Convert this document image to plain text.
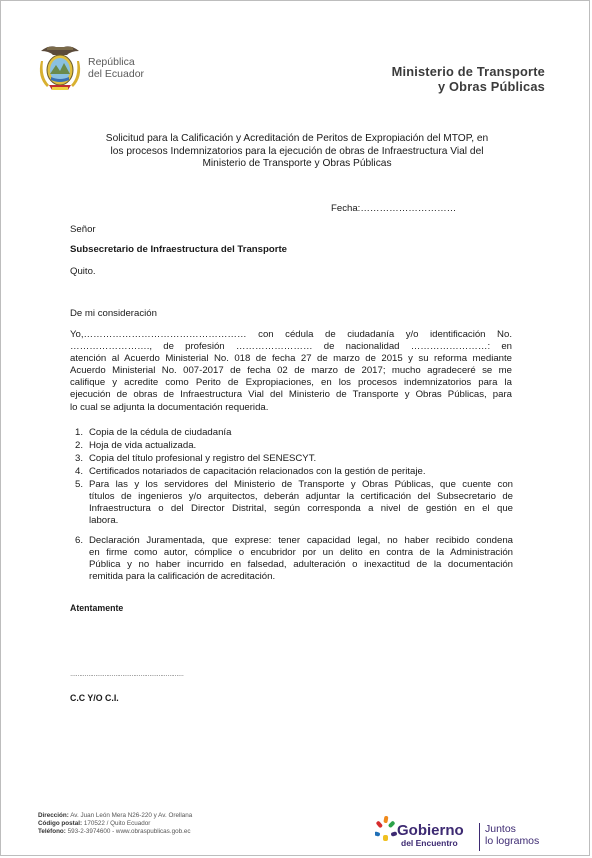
República
del Ecuador	Ministerio de Transporte
y Obras Públicas
Solicitud para la Calificación y Acreditación de Peritos de Expropiación del MTOP, en
los procesos Indemnizatorios para la ejecución de obras de Infraestructura Vial del
Ministerio de Transporte y Obras Públicas
Fecha:…………………………
Señor
Subsecretario de Infraestructura del Transporte
Quito.
De mi consideración
Yo,…………………………………………… con cédula de ciudadanía y/o identificación No.
……………………., de profesión …………………… de nacionalidad ……………………: en
atención al Acuerdo Ministerial No. 018 de fecha 27 de marzo de 2015 y su reforma mediante
Acuerdo Ministerial No. 007-2017 de fecha 02 de marzo de 2017; mucho agradeceré se me
califique y acredite como Perito de Expropiaciones, en los procesos indemnizatorios para la
ejecución de obras de Infraestructura Vial del Ministerio de Transporte y Obras Públicas, para
lo cual se adjunta la documentación requerida.
1. Copia de la cédula de ciudadanía
2. Hoja de vida actualizada.
3. Copia del título profesional y registro del SENESCYT.
4. Certificados notariados de capacitación relacionados con la gestión de peritaje.
5. Para las y los servidores del Ministerio de Transporte y Obras Públicas, que cuente con
títulos de ingenieros y/o arquitectos, deberán adjuntar la certificación del Subsecretario de
Infraestructura o del Director Distrital, según corresponda a nivel de gestión en el que
labora.
6. Declaración Juramentada, que exprese: tener capacidad legal, no haber recibido condena
en firme como autor, cómplice o encubridor por un delito en contra de la Administración
Pública y no haber incurrido en falsedad, adulteración o inexactitud de la documentación
remitida para la calificación de acreditación.
Atentamente
………………………………………………………
C.C Y/O C.I.
Dirección: Av. Juan León Mera N26-220 y Av. Orellana
Código postal: 170522 / Quito Ecuador
Teléfono: 593-2-3974600 - www.obraspublicas.gob.ec	Gobierno
del Encuentro
Juntos
lo logramos
